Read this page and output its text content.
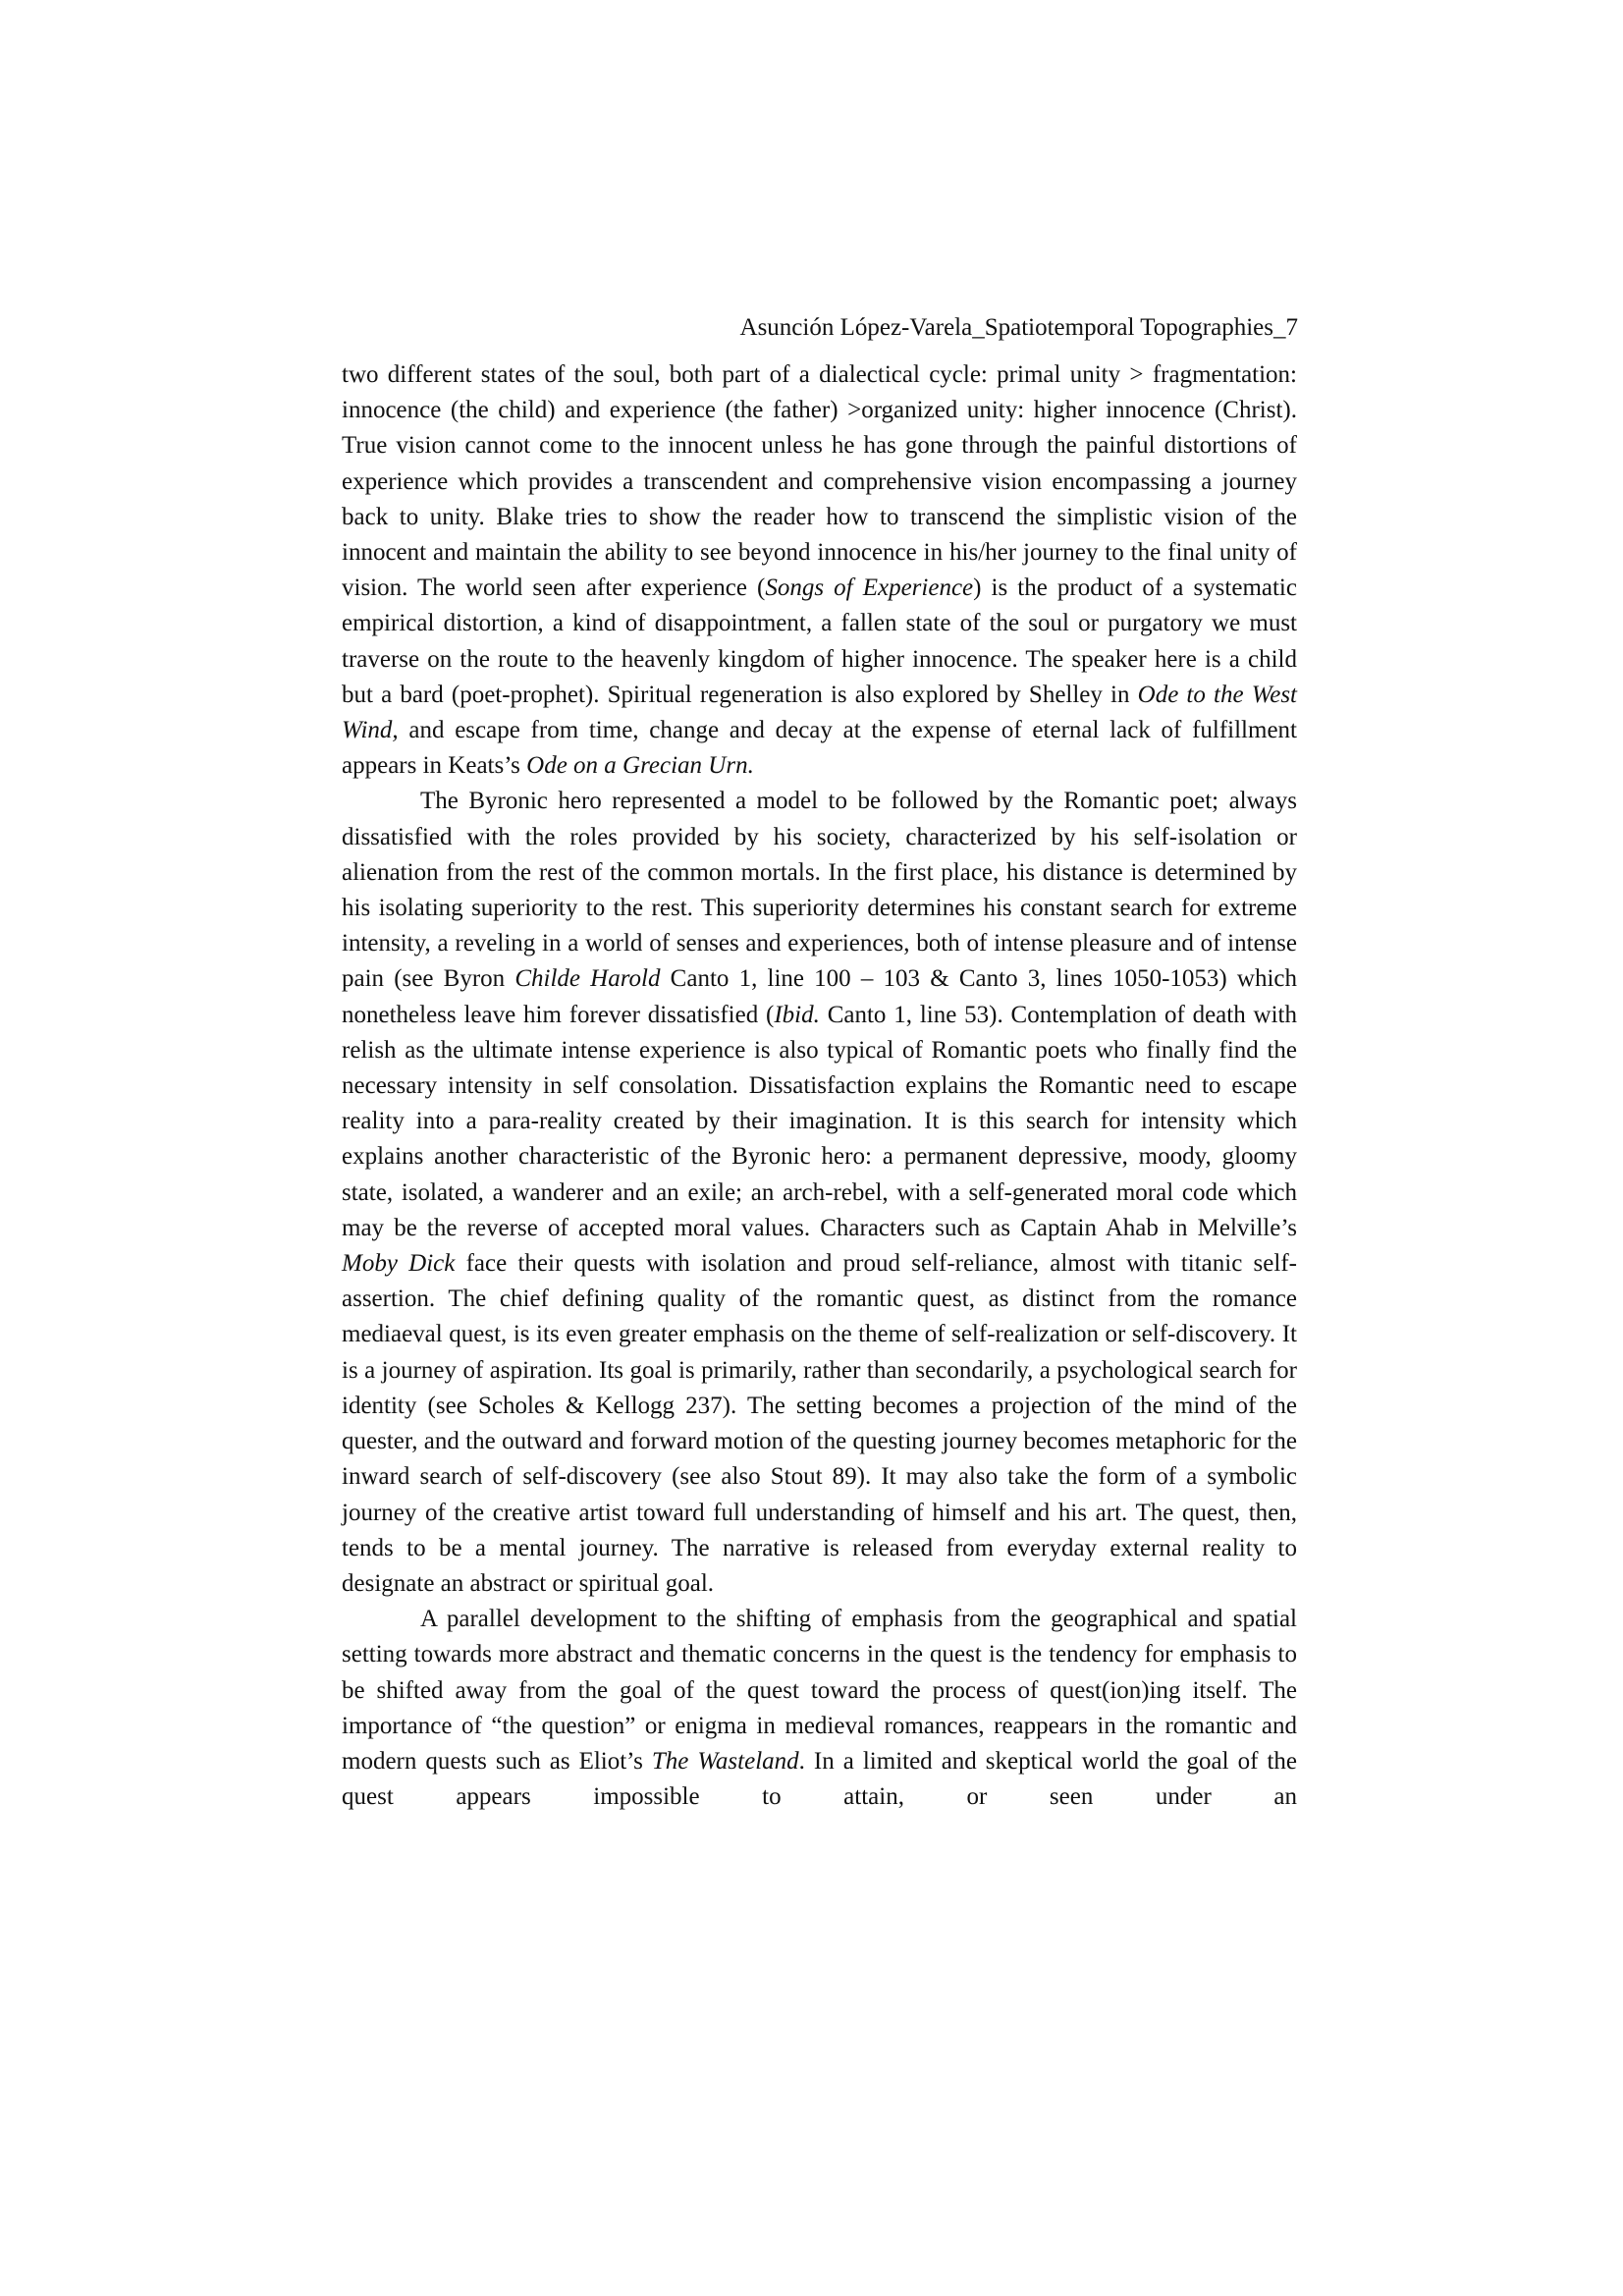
Asunción López-Varela_Spatiotemporal Topographies_7

two different states of the soul, both part of a dialectical cycle: primal unity > fragmentation: innocence (the child) and experience (the father) >organized unity: higher innocence (Christ). True vision cannot come to the innocent unless he has gone through the painful distortions of experience which provides a transcendent and comprehensive vision encompassing a journey back to unity. Blake tries to show the reader how to transcend the simplistic vision of the innocent and maintain the ability to see beyond innocence in his/her journey to the final unity of vision. The world seen after experience (Songs of Experience) is the product of a systematic empirical distortion, a kind of disappointment, a fallen state of the soul or purgatory we must traverse on the route to the heavenly kingdom of higher innocence. The speaker here is a child but a bard (poet-prophet). Spiritual regeneration is also explored by Shelley in Ode to the West Wind, and escape from time, change and decay at the expense of eternal lack of fulfillment appears in Keats’s Ode on a Grecian Urn.

The Byronic hero represented a model to be followed by the Romantic poet; always dissatisfied with the roles provided by his society, characterized by his self-isolation or alienation from the rest of the common mortals. In the first place, his distance is determined by his isolating superiority to the rest. This superiority determines his constant search for extreme intensity, a reveling in a world of senses and experiences, both of intense pleasure and of intense pain (see Byron Childe Harold Canto 1, line 100 – 103 & Canto 3, lines 1050-1053) which nonetheless leave him forever dissatisfied (Ibid. Canto 1, line 53). Contemplation of death with relish as the ultimate intense experience is also typical of Romantic poets who finally find the necessary intensity in self consolation. Dissatisfaction explains the Romantic need to escape reality into a para-reality created by their imagination. It is this search for intensity which explains another characteristic of the Byronic hero: a permanent depressive, moody, gloomy state, isolated, a wanderer and an exile; an arch-rebel, with a self-generated moral code which may be the reverse of accepted moral values. Characters such as Captain Ahab in Melville’s Moby Dick face their quests with isolation and proud self-reliance, almost with titanic self-assertion. The chief defining quality of the romantic quest, as distinct from the romance mediaeval quest, is its even greater emphasis on the theme of self-realization or self-discovery. It is a journey of aspiration. Its goal is primarily, rather than secondarily, a psychological search for identity (see Scholes & Kellogg 237). The setting becomes a projection of the mind of the quester, and the outward and forward motion of the questing journey becomes metaphoric for the inward search of self-discovery (see also Stout 89). It may also take the form of a symbolic journey of the creative artist toward full understanding of himself and his art. The quest, then, tends to be a mental journey. The narrative is released from everyday external reality to designate an abstract or spiritual goal.

A parallel development to the shifting of emphasis from the geographical and spatial setting towards more abstract and thematic concerns in the quest is the tendency for emphasis to be shifted away from the goal of the quest toward the process of quest(ion)ing itself. The importance of “the question” or enigma in medieval romances, reappears in the romantic and modern quests such as Eliot’s The Wasteland. In a limited and skeptical world the goal of the quest appears impossible to attain, or seen under an
